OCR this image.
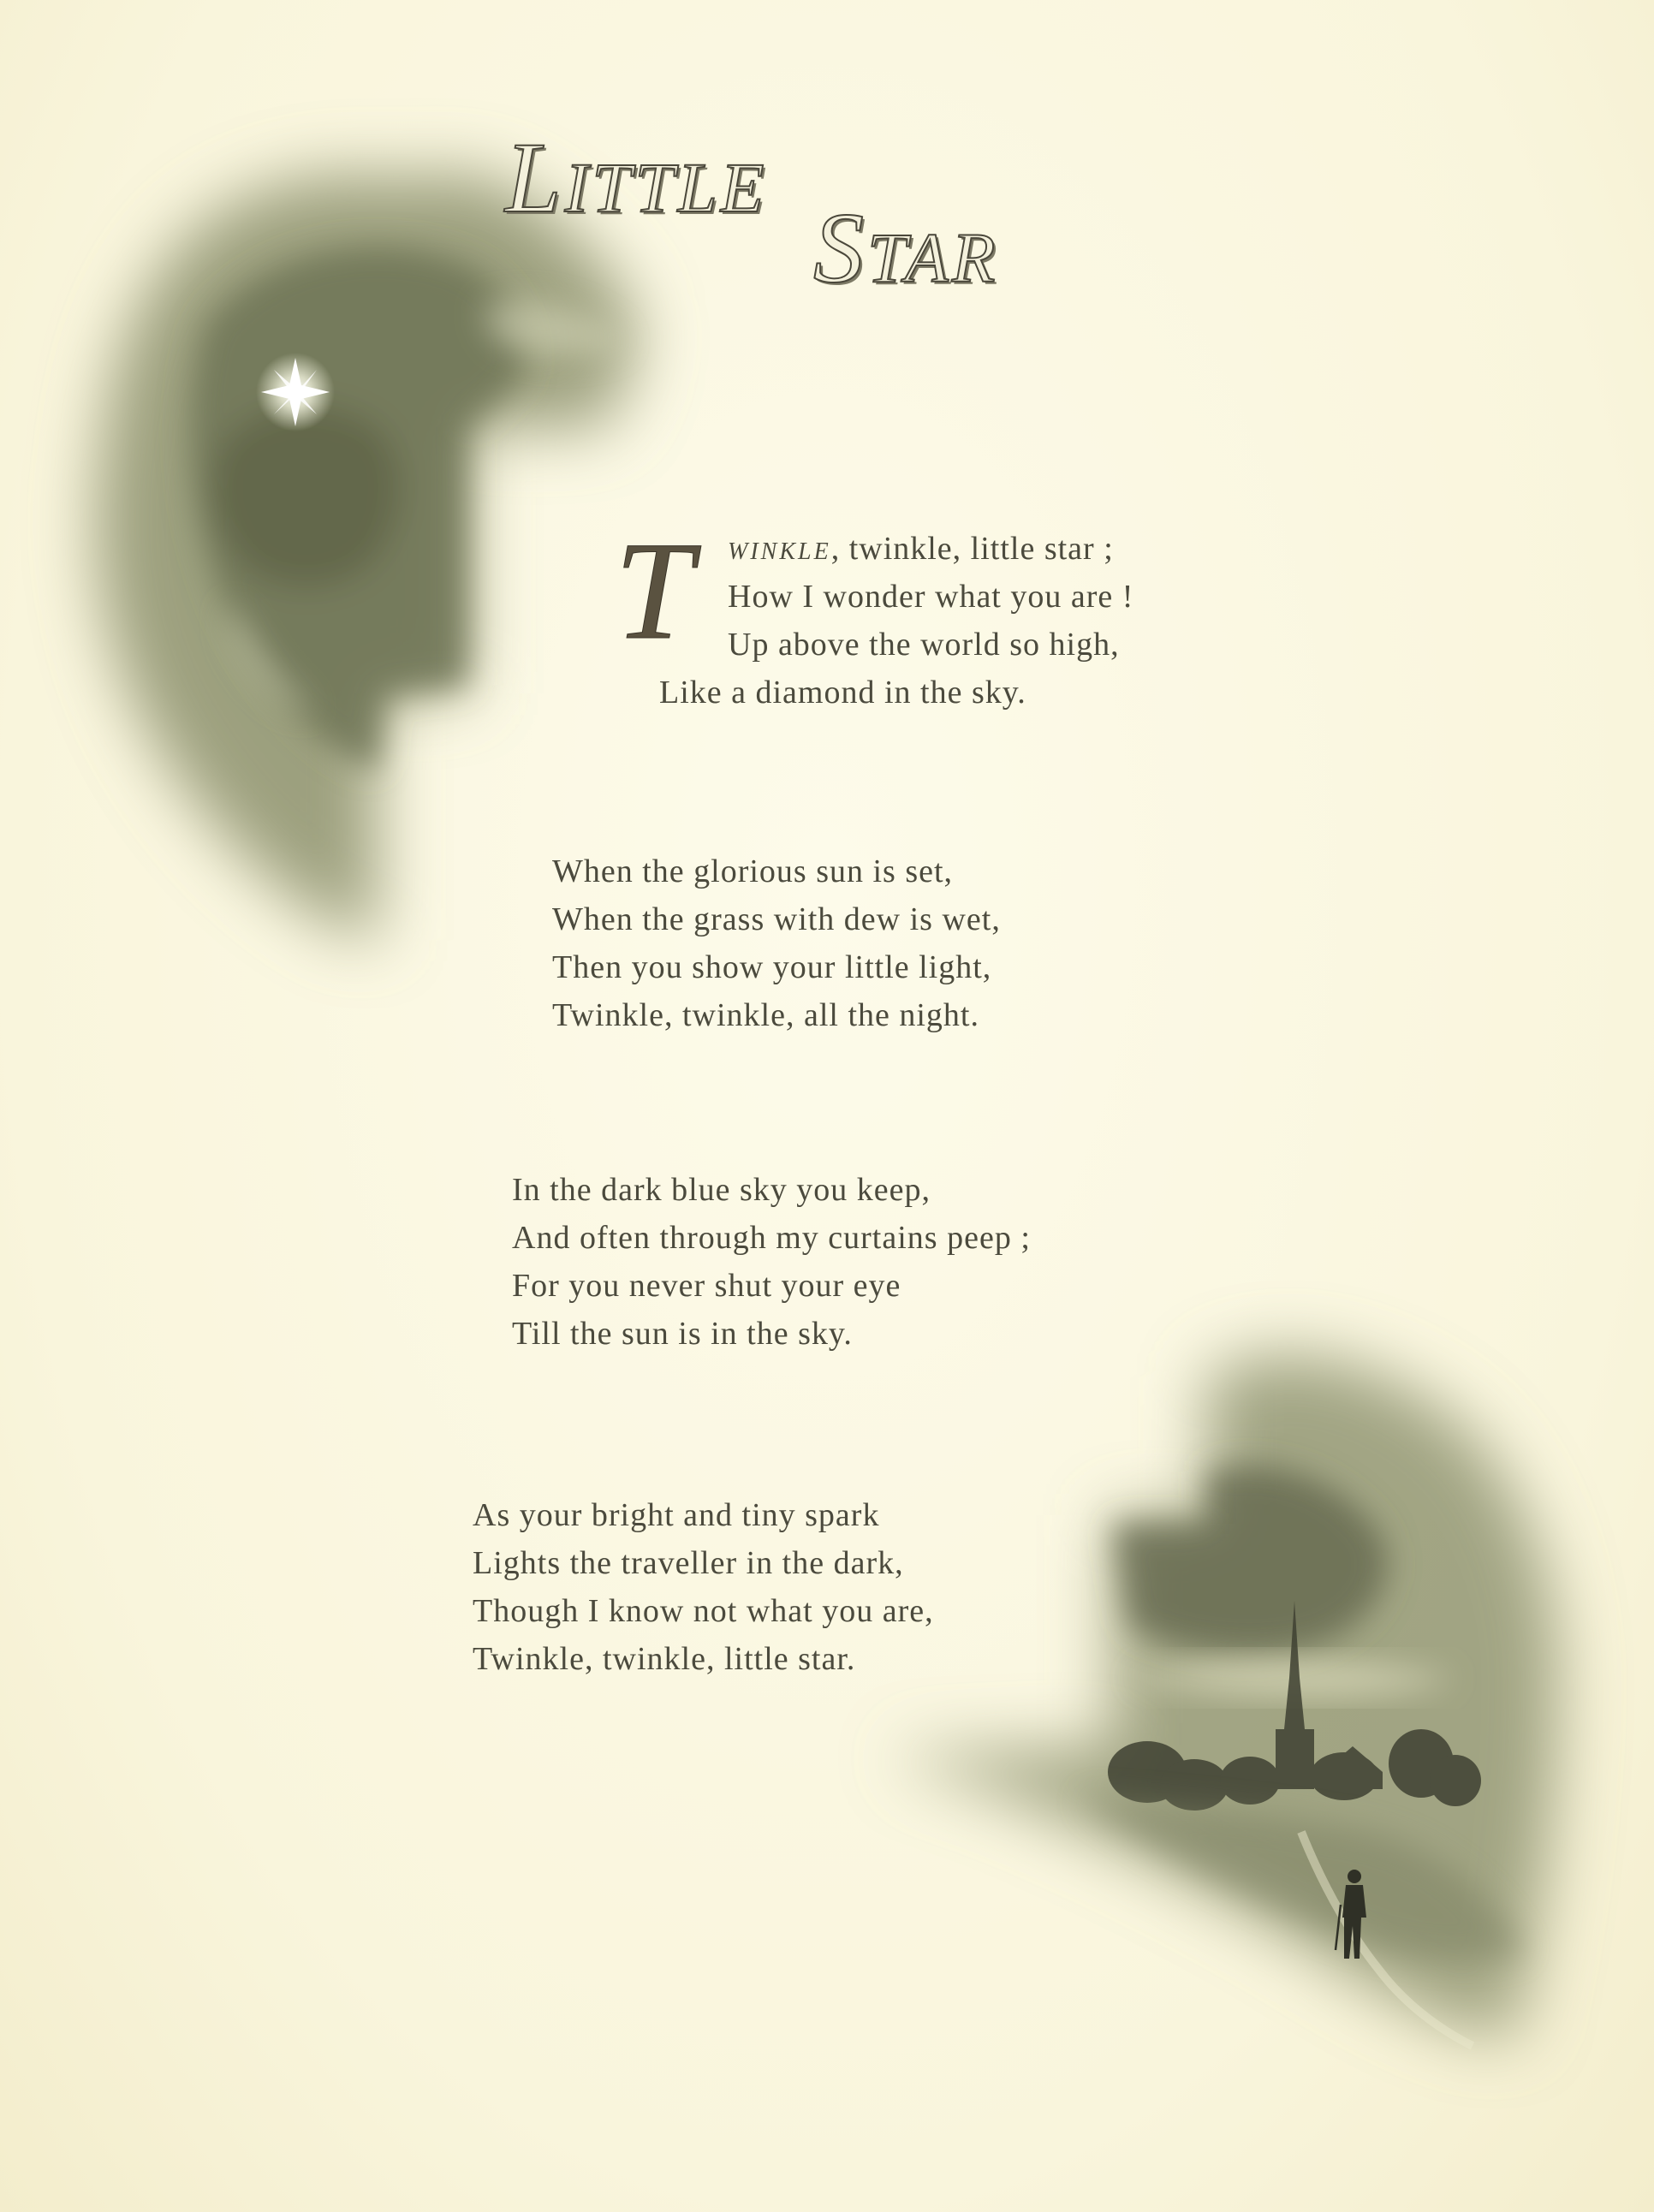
Little
Star
T winkle, twinkle, little star ;
How I wonder what you are !
Up above the world so high,
Like a diamond in the sky.
When the glorious sun is set,
When the grass with dew is wet,
Then you show your little light,
Twinkle, twinkle, all the night.
In the dark blue sky you keep,
And often through my curtains peep ;
For you never shut your eye
Till the sun is in the sky.
As your bright and tiny spark
Lights the traveller in the dark,
Though I know not what you are,
Twinkle, twinkle, little star.
